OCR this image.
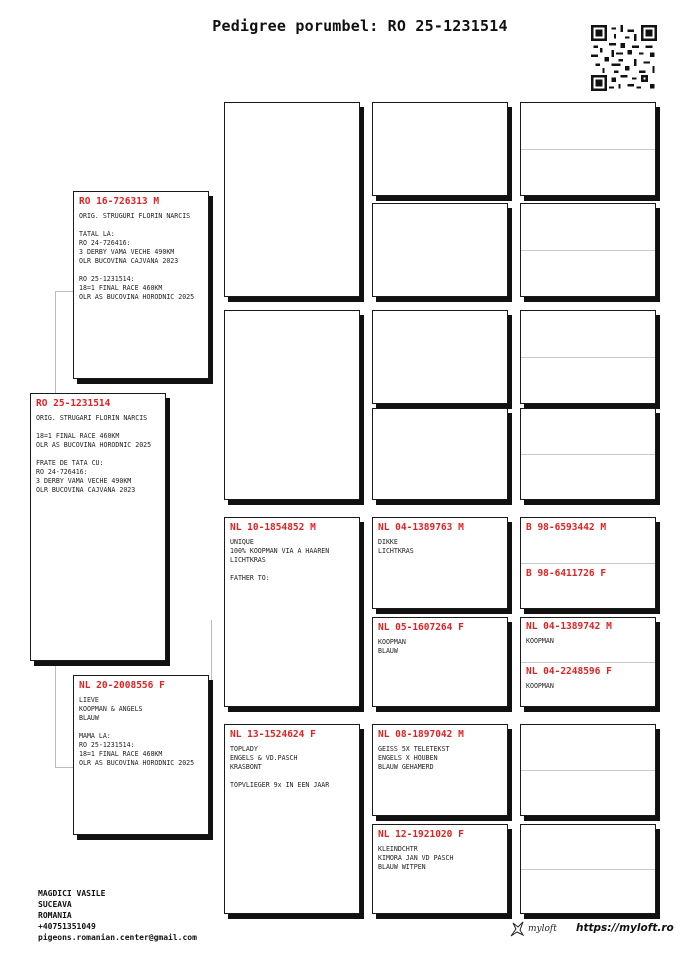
Pedigree porumbel: RO 25-1231514
RO 25-1231514
ORIG. STRUGARI FLORIN NARCIS

18=1 FINAL RACE 460KM
OLR AS BUCOVINA HORODNIC 2025

FRATE DE TATA CU:
RO 24-726416:
3 DERBY VAMA VECHE 490KM
OLR BUCOVINA CAJVANA 2023
RO 16-726313 M
ORIG. STRUGURI FLORIN NARCIS

TATAL LA:
RO 24-726416:
3 DERBY VAMA VECHE 490KM
OLR BUCOVINA CAJVANA 2023

RO 25-1231514:
18=1 FINAL RACE 460KM
OLR AS BUCOVINA HORODNIC 2025
NL 20-2008556 F
LIEVE
KOOPMAN & ANGELS
BLAUW

MAMA LA:
RO 25-1231514:
18=1 FINAL RACE 460KM
OLR AS BUCOVINA HORODNIC 2025
NL 10-1854852 M
UNIQUE
100% KOOPMAN VIA A HAAREN
LICHTKRAS

FATHER TO:
NL 13-1524624 F
TOPLADY
ENGELS & VD.PASCH
KRASBONT

TOPVLIEGER 9x IN EEN JAAR
NL 04-1389763 M
DIKKE
LICHTKRAS
NL 05-1607264 F
KOOPMAN
BLAUW
NL 08-1897042 M
GEISS 5X TELETEKST
ENGELS X HOUBEN
BLAUW GEHAMERD
NL 12-1921020 F
KLEINDCHTR
KIMORA JAN VD PASCH
BLAUW WITPEN
B 98-6593442 M
B 98-6411726 F
NL 04-1389742 M
KOOPMAN
NL 04-2248596 F
KOOPMAN
MAGDICI VASILE
SUCEAVA
ROMANIA
+40751351049
pigeons.romanian.center@gmail.com
myloft https://myloft.ro
